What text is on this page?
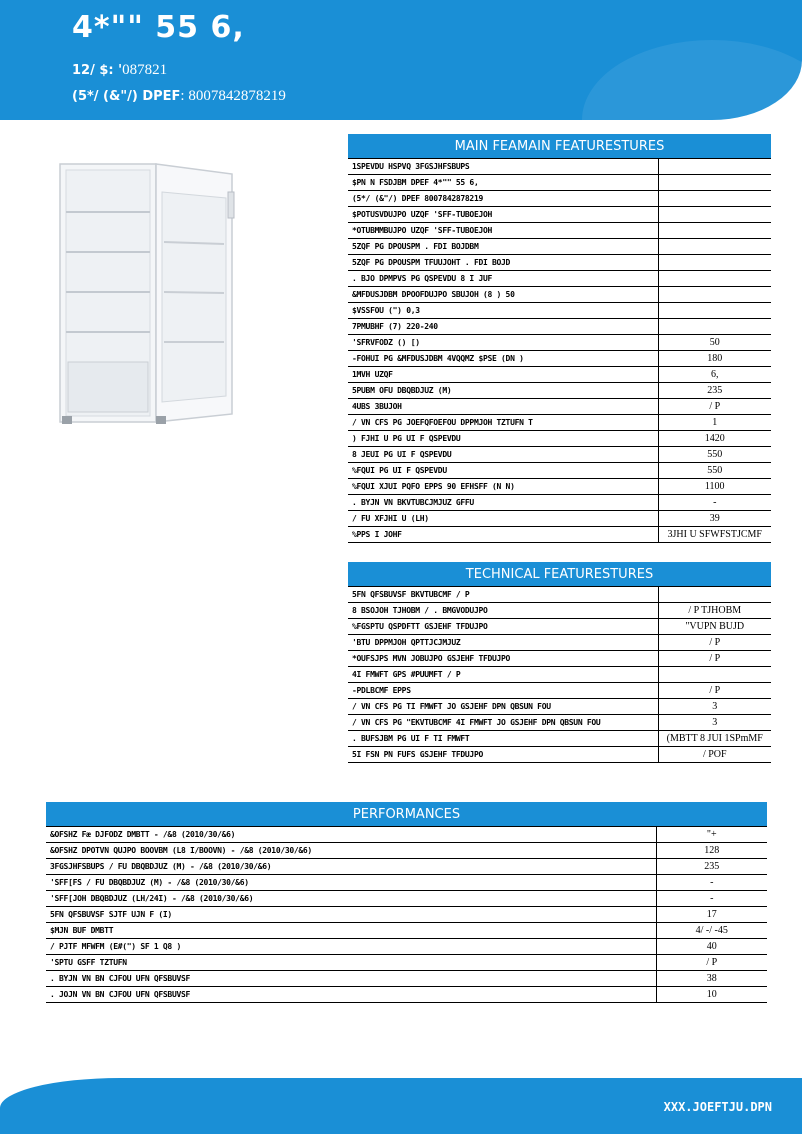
4*"" 55 6,
12/ $: '087821
(5*/ (&"/) DPEF: 8007842878219
MAIN FEAMAIN FEATURESTURES	
1SPEVDU HSPVQ 3FGSJHFSBUPS	
$PN N FSDJBM DPEF 4*"" 55 6,	
(5*/ (&"/) DPEF 8007842878219	
$POTUSVDUJPO UZQF 'SFF-TUBOEJOH	
*OTUBMMBUJPO UZQF 'SFF-TUBOEJOH	
5ZQF PG DPOUSPM . FDI BOJDBM	
5ZQF PG DPOUSPM TFUUJOHT . FDI BOJD	
. BJO DPMPVS PG QSPEVDU 8 I JUF	
&MFDUSJDBM DPOOFDUJPO SBUJOH (8 ) 50	
$VSSFOU (") 0,3	
7PMUBHF (7) 220-240	
'SFRVFODZ () [)	50
-FOHUI PG &MFDUSJDBM 4VQQMZ $PSE (DN )	180
1MVH UZQF	6,
5PUBM OFU DBQBDJUZ (M)	235
4UBS 3BUJOH	/ P
/ VN CFS PG JOEFQFOEFOU DPPMJOH TZTUFN T	1
) FJHI U PG UI F QSPEVDU	1420
8 JEUI PG UI F QSPEVDU	550
%FQUI PG UI F QSPEVDU	550
%FQUI XJUI PQFO EPPS 90 EFHSFF (N N)	1100
. BYJN VN BKVTUBCJMJUZ GFFU	-
/ FU XFJHI U (LH)	39
%PPS I JOHF	3JHI U SFWFSTJCMF
TECHNICAL FEATURESTURES	
5FN QFSBUVSF BKVTUBCMF / P	
8 BSOJOH TJHOBM / . BMGVODUJPO	/ P TJHOBM
%FGSPTU QSPDFTT GSJEHF TFDUJPO	"VUPN BUJD
'BTU DPPMJOH QPTTJCJMJUZ	/ P
*OUFSJPS MVN JOBUJPO GSJEHF TFDUJPO	/ P
4I FMWFT GPS #PUUMFT / P	
-PDLBCMF EPPS	/ P
/ VN CFS PG TI FMWFT JO GSJEHF DPN QBSUN FOU	3
/ VN CFS PG "EKVTUBCMF 4I FMWFT JO GSJEHF DPN QBSUN FOU	3
. BUFSJBM PG UI F TI FMWFT	(MBTT 8 JUI 1SPmMF
5I FSN PN FUFS GSJEHF TFDUJPO	/ POF
PERFORMANCES	
&OFSHZ Fæ DJFODZ DMBTT - /&8 (2010/30/&6)	"+
&OFSHZ DPOTVN QUJPO BOOVBM (L8 I/BOOVN) - /&8 (2010/30/&6)	128
3FGSJHFSBUPS / FU DBQBDJUZ (M) - /&8 (2010/30/&6)	235
'SFF[FS / FU DBQBDJUZ (M) - /&8 (2010/30/&6)	-
'SFF[JOH DBQBDJUZ (LH/24I) - /&8 (2010/30/&6)	-
5FN QFSBUVSF SJTF UJN F (I)	17
$MJN BUF DMBTT	4/ -/ -45
/ PJTF MFWFM (E#(") SF 1 Q8 )	40
'SPTU GSFF TZTUFN	/ P
. BYJN VN BN CJFOU UFN QFSBUVSF	38
. JOJN VN BN CJFOU UFN QFSBUVSF	10
XXX.JOEFTJU.DPN
